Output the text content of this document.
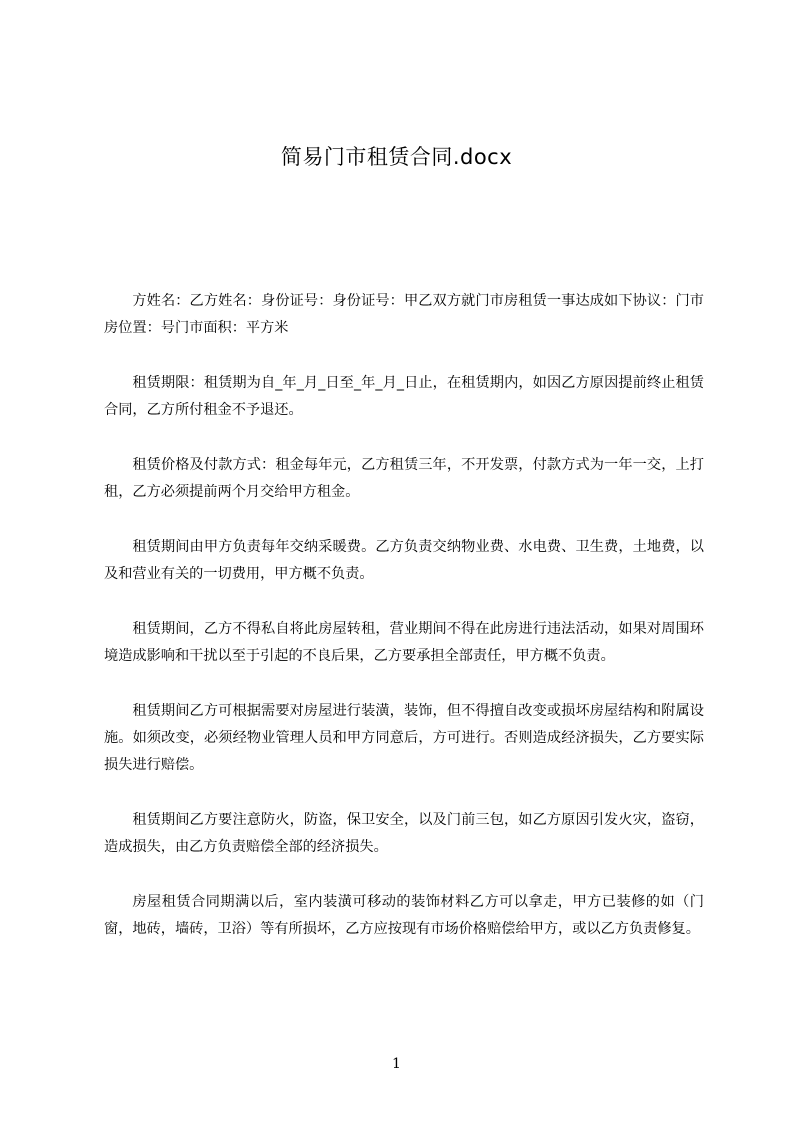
简易门市租赁合同.docx

方姓名：乙方姓名：身份证号：身份证号：甲乙双方就门市房租赁一事达成如下协议：门市房位置：号门市面积：平方米

租赁期限：租赁期为自_年_月_日至_年_月_日止，在租赁期内，如因乙方原因提前终止租赁合同，乙方所付租金不予退还。

租赁价格及付款方式：租金每年元，乙方租赁三年，不开发票，付款方式为一年一交，上打租，乙方必须提前两个月交给甲方租金。

租赁期间由甲方负责每年交纳采暖费。乙方负责交纳物业费、水电费、卫生费，土地费，以及和营业有关的一切费用，甲方概不负责。

租赁期间，乙方不得私自将此房屋转租，营业期间不得在此房进行违法活动，如果对周围环境造成影响和干扰以至于引起的不良后果，乙方要承担全部责任，甲方概不负责。

租赁期间乙方可根据需要对房屋进行装潢，装饰，但不得擅自改变或损坏房屋结构和附属设施。如须改变，必须经物业管理人员和甲方同意后，方可进行。否则造成经济损失，乙方要实际损失进行赔偿。

租赁期间乙方要注意防火，防盗，保卫安全，以及门前三包，如乙方原因引发火灾，盗窃，造成损失，由乙方负责赔偿全部的经济损失。

房屋租赁合同期满以后，室内装潢可移动的装饰材料乙方可以拿走，甲方已装修的如（门窗，地砖，墙砖，卫浴）等有所损坏，乙方应按现有市场价格赔偿给甲方，或以乙方负责修复。

1
